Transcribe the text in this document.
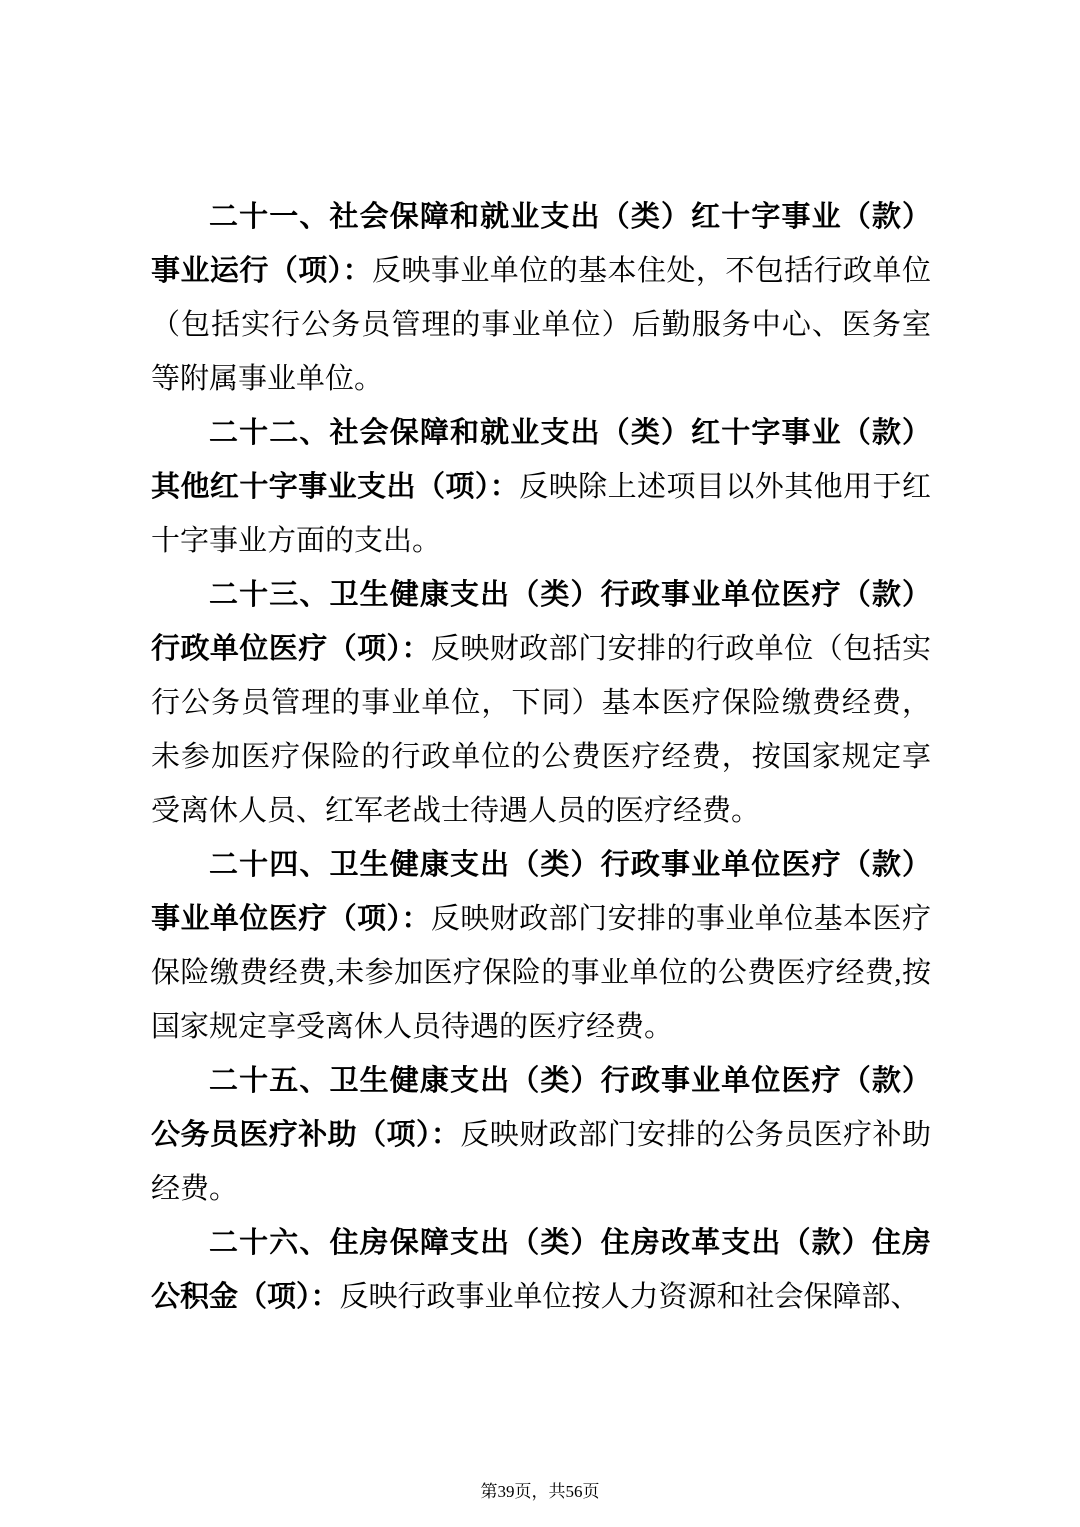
二十一、社会保障和就业支出（类）红十字事业（款）事业运行（项）：反映事业单位的基本住处，不包括行政单位（包括实行公务员管理的事业单位）后勤服务中心、医务室等附属事业单位。

二十二、社会保障和就业支出（类）红十字事业（款）其他红十字事业支出（项）：反映除上述项目以外其他用于红十字事业方面的支出。

二十三、卫生健康支出（类）行政事业单位医疗（款）行政单位医疗（项）：反映财政部门安排的行政单位（包括实行公务员管理的事业单位，下同）基本医疗保险缴费经费，未参加医疗保险的行政单位的公费医疗经费，按国家规定享受离休人员、红军老战士待遇人员的医疗经费。

二十四、卫生健康支出（类）行政事业单位医疗（款）事业单位医疗（项）：反映财政部门安排的事业单位基本医疗保险缴费经费,未参加医疗保险的事业单位的公费医疗经费,按国家规定享受离休人员待遇的医疗经费。

二十五、卫生健康支出（类）行政事业单位医疗（款）公务员医疗补助（项）：反映财政部门安排的公务员医疗补助经费。

二十六、住房保障支出（类）住房改革支出（款）住房公积金（项）：反映行政事业单位按人力资源和社会保障部、

第39页，共56页
